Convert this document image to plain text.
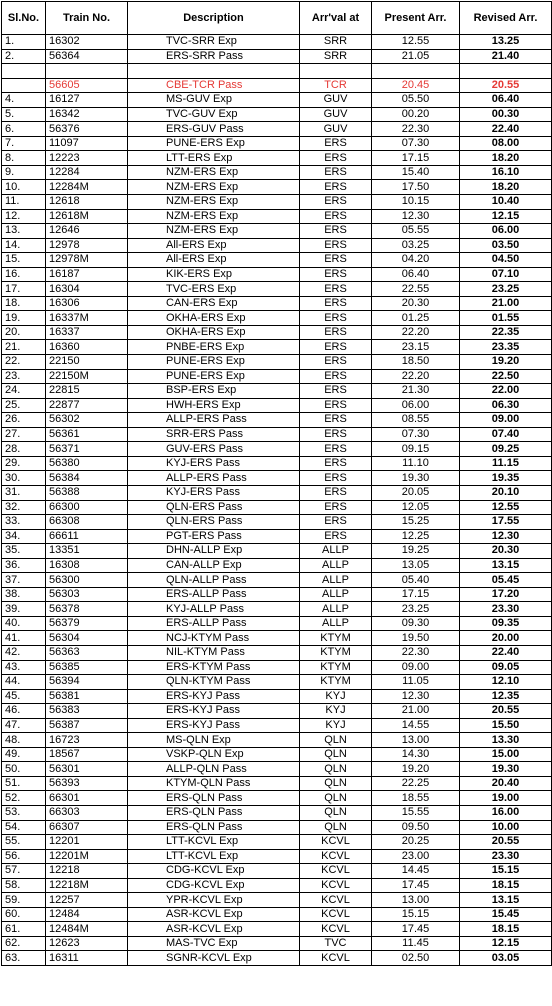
Sl.No.	Train No.	Description	Arr'val at	Present Arr.	Revised Arr.
1.	16302	TVC-SRR Exp	SRR	12.55	13.25
2.	56364	ERS-SRR Pass	SRR	21.05	21.40

	56605	CBE-TCR Pass	TCR	20.45	20.55
4.	16127	MS-GUV Exp	GUV	05.50	06.40
5.	16342	TVC-GUV Exp	GUV	00.20	00.30
6.	56376	ERS-GUV Pass	GUV	22.30	22.40
7.	11097	PUNE-ERS Exp	ERS	07.30	08.00
8.	12223	LTT-ERS Exp	ERS	17.15	18.20
9.	12284	NZM-ERS Exp	ERS	15.40	16.10
10.	12284M	NZM-ERS Exp	ERS	17.50	18.20
11.	12618	NZM-ERS Exp	ERS	10.15	10.40
12.	12618M	NZM-ERS Exp	ERS	12.30	12.15
13.	12646	NZM-ERS Exp	ERS	05.55	06.00
14.	12978	All-ERS Exp	ERS	03.25	03.50
15.	12978M	All-ERS Exp	ERS	04.20	04.50
16.	16187	KIK-ERS Exp	ERS	06.40	07.10
17.	16304	TVC-ERS Exp	ERS	22.55	23.25
18.	16306	CAN-ERS Exp	ERS	20.30	21.00
19.	16337M	OKHA-ERS Exp	ERS	01.25	01.55
20.	16337	OKHA-ERS Exp	ERS	22.20	22.35
21.	16360	PNBE-ERS Exp	ERS	23.15	23.35
22.	22150	PUNE-ERS Exp	ERS	18.50	19.20
23.	22150M	PUNE-ERS Exp	ERS	22.20	22.50
24.	22815	BSP-ERS Exp	ERS	21.30	22.00
25.	22877	HWH-ERS Exp	ERS	06.00	06.30
26.	56302	ALLP-ERS Pass	ERS	08.55	09.00
27.	56361	SRR-ERS Pass	ERS	07.30	07.40
28.	56371	GUV-ERS Pass	ERS	09.15	09.25
29.	56380	KYJ-ERS Pass	ERS	11.10	11.15
30.	56384	ALLP-ERS Pass	ERS	19.30	19.35
31.	56388	KYJ-ERS Pass	ERS	20.05	20.10
32.	66300	QLN-ERS Pass	ERS	12.05	12.55
33.	66308	QLN-ERS Pass	ERS	15.25	17.55
34.	66611	PGT-ERS Pass	ERS	12.25	12.30
35.	13351	DHN-ALLP Exp	ALLP	19.25	20.30
36.	16308	CAN-ALLP Exp	ALLP	13.05	13.15
37.	56300	QLN-ALLP Pass	ALLP	05.40	05.45
38.	56303	ERS-ALLP Pass	ALLP	17.15	17.20
39.	56378	KYJ-ALLP Pass	ALLP	23.25	23.30
40.	56379	ERS-ALLP Pass	ALLP	09.30	09.35
41.	56304	NCJ-KTYM Pass	KTYM	19.50	20.00
42.	56363	NIL-KTYM Pass	KTYM	22.30	22.40
43.	56385	ERS-KTYM Pass	KTYM	09.00	09.05
44.	56394	QLN-KTYM Pass	KTYM	11.05	12.10
45.	56381	ERS-KYJ Pass	KYJ	12.30	12.35
46.	56383	ERS-KYJ Pass	KYJ	21.00	20.55
47.	56387	ERS-KYJ Pass	KYJ	14.55	15.50
48.	16723	MS-QLN Exp	QLN	13.00	13.30
49.	18567	VSKP-QLN Exp	QLN	14.30	15.00
50.	56301	ALLP-QLN Pass	QLN	19.20	19.30
51.	56393	KTYM-QLN Pass	QLN	22.25	20.40
52.	66301	ERS-QLN Pass	QLN	18.55	19.00
53.	66303	ERS-QLN Pass	QLN	15.55	16.00
54.	66307	ERS-QLN Pass	QLN	09.50	10.00
55.	12201	LTT-KCVL Exp	KCVL	20.25	20.55
56.	12201M	LTT-KCVL Exp	KCVL	23.00	23.30
57.	12218	CDG-KCVL Exp	KCVL	14.45	15.15
58.	12218M	CDG-KCVL Exp	KCVL	17.45	18.15
59.	12257	YPR-KCVL Exp	KCVL	13.00	13.15
60.	12484	ASR-KCVL Exp	KCVL	15.15	15.45
61.	12484M	ASR-KCVL Exp	KCVL	17.45	18.15
62.	12623	MAS-TVC Exp	TVC	11.45	12.15
63.	16311	SGNR-KCVL Exp	KCVL	02.50	03.05
